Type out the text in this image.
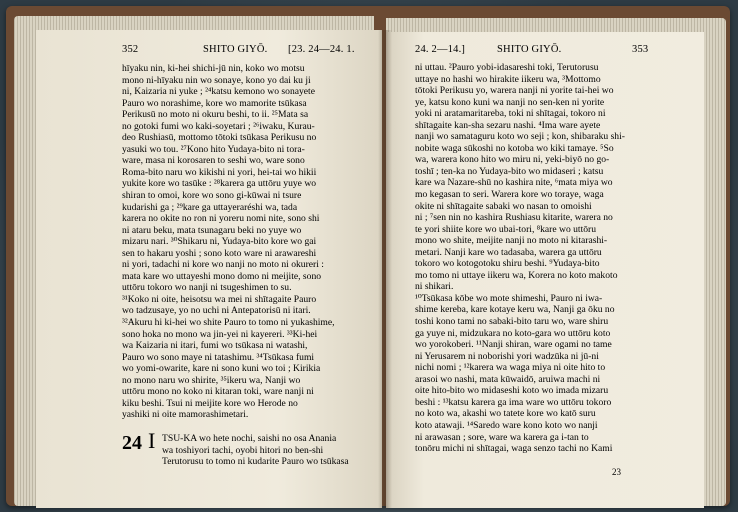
352	SHITO GIYŌ. [23. 24—24. 1.	24. 2—14.]	SHITO GIYŌ.	353
hīyaku nin, ki-hei shichi-jū nin, koko wo motsu
mono ni-hīyaku nin wo sonaye, kono yo dai ku ji
ni, Kaizaria ni yuke ; ²⁴katsu kemono wo sonayete
Pauro wo norashime, kore wo mamorite tsūkasa
Perikusū no moto ni okuru beshi, to ii. ²⁵Mata sa
no gotoki fumi wo kaki-soyetari ; ²⁶iwaku, Kurau-
deo Rushiasū, mottomo tōtoki tsūkasa Perikusu no
yasuki wo tou. ²⁷Kono hito Yudaya-bito ni tora-
ware, masa ni korosaren to seshi wo, ware sono
Roma-bito naru wo kikishi ni yori, hei-tai wo hikii
yukite kore wo tasūke : ²⁸karera ga uttōru yuye wo
shiran to omoi, kore wo sono gi-kūwai ni tsure
kudarishi ga ; ²⁹kare ga uttayeraréshi wa, tada
karera no okite no ron ni yoreru nomi nite, sono shi
ni ataru beku, mata tsunagaru beki no yuye wo
mizaru nari. ³⁰Shikaru ni, Yudaya-bito kore wo gai
sen to hakaru yoshi ; sono koto ware ni arawareshi
ni yori, tadachi ni kore wo nanji no moto ni okureri :
mata kare wo uttayeshi mono domo ni meijite, sono
uttōru tokoro wo nanji ni tsugeshimen to su.
³¹Koko ni oite, heisotsu wa mei ni shītagaite Pauro
wo tadzusaye, yo no uchi ni Antepatorisū ni itari.
³²Akuru hi ki-hei wo shite Pauro to tomo ni yukashime,
sono hoka no mono wa jin-yei ni kayereri. ³³Ki-hei
wa Kaizaria ni itari, fumi wo tsūkasa ni watashi,
Pauro wo sono maye ni tatashimu. ³⁴Tsūkasa fumi
wo yomi-owarite, kare ni sono kuni wo toi ; Kirikia
no mono naru wo shirite, ³⁵ikeru wa, Nanji wo
uttōru mono no koko ni kitaran toki, ware nanji ni
kiku beshi. Tsui ni meijite kore wo Herode no
yashiki ni oite mamorashimetari.
24 I TSU-KA wo hete nochi, saishi no osa Anania
wa toshiyori tachi, oyobi hitori no ben-shi
Terutorusu to tomo ni kudarite Pauro wo tsūkasa
ni uttau. ²Pauro yobi-idasareshi toki, Terutorusu
uttaye no hashi wo hirakite iikeru wa, ³Mottomo
tōtoki Perikusu yo, warera nanji ni yorite tai-hei wo
ye, katsu kono kuni wa nanji no sen-ken ni yorite
yoki ni aratamaritareba, toki ni shītagai, tokoro ni
shītagaite kan-sha sezaru nashi. ⁴Ima ware ayete
nanji wo samataguru koto wo seji ; kon, shibaraku shi-
nobite waga sūkoshi no kotoba wo kiki tamaye. ⁵So
wa, warera kono hito wo miru ni, yeki-biyō no go-
toshī ; ten-ka no Yudaya-bito wo midaseri ; katsu
kare wa Nazare-shū no kashira nite, ⁶mata miya wo
mo kegasan to seri. Warera kore wo toraye, waga
okite ni shītagaite sabaki wo nasan to omoishi
ni ; ⁷sen nin no kashira Rushiasu kitarite, warera no
te yori shiite kore wo ubai-tori, ⁸kare wo uttōru
mono wo shite, meijite nanji no moto ni kitarashi-
metari. Nanji kare wo tadasaba, warera ga uttōru
tokoro wo kotogotoku shiru beshi. ⁹Yudaya-bito
mo tomo ni uttaye iikeru wa, Korera no koto makoto
ni shikari.
¹⁰Tsūkasa kōbe wo mote shimeshi, Pauro ni iwa-
shime kereba, kare kotaye keru wa, Nanji ga ōku no
toshi kono tami no sabaki-bito taru wo, ware shiru
ga yuye ni, midzukara no koto-gara wo uttōru koto
wo yorokoberi. ¹¹Nanji shiran, ware ogami no tame
ni Yerusarem ni noborishi yori wadzūka ni jū-ni
nichi nomi ; ¹²karera wa waga miya ni oite hito to
arasoi wo nashi, mata kūwaidō, aruiwa machi ni
oite hito-bito wo midaseshi koto wo imada mizaru
beshi : ¹³katsu karera ga ima ware wo uttōru tokoro
no koto wa, akashi wo tatete kore wo katō suru
koto atawaji. ¹⁴Saredo ware kono koto wo nanji
ni arawasan ; sore, ware wa karera ga i-tan to
tonōru michi ni shītagai, waga senzo tachi no Kami
23
